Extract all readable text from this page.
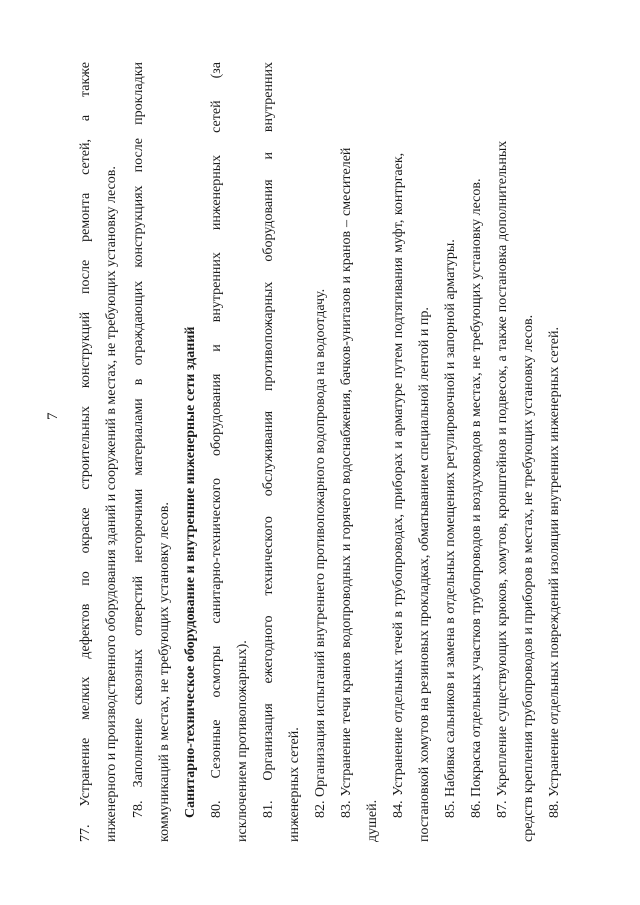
7 77. Устранение мелких дефектов по окраске строительных конструкций после ремонта сетей, а также инженерного и производственного оборудования зданий и сооружений в местах, не требующих установку лесов. 78. Заполнение сквозных отверстий негорючими материалами в ограждающих конструкциях после прокладки коммуникаций в местах, не требующих установку лесов. Санитарно-техническое оборудование и внутренние инженерные сети зданий 80. Сезонные осмотры санитарно-технического оборудования и внутренних инженерных сетей (за исключением противопожарных). 81. Организация ежегодного технического обслуживания противопожарных оборудования и внутренних инженерных сетей. 82. Организация испытаний внутреннего противопожарного водопровода на водоотдачу. 83. Устранение течи кранов водопроводных и горячего водоснабжения, бачков-унитазов и кранов – смесителей
душей.
84. Устранение отдельных течей в трубопроводах, приборах и арматуре путем подтягивания муфт, контргаек, постановкой хомутов на резиновых прокладках, обматыванием специальной лентой и пр. 85. Набивка сальников и замена в отдельных помещениях регулировочной и запорной арматуры. 86. Покраска отдельных участков трубопроводов и воздуховодов в местах, не требующих установку лесов. 87. Укрепление существующих крюков, хомутов, кронштейнов и подвесок, а также постановка дополнительных средств крепления трубопроводов и приборов в местах, не требующих установку лесов. 88. Устранение отдельных повреждений изоляции внутренних инженерных сетей.
